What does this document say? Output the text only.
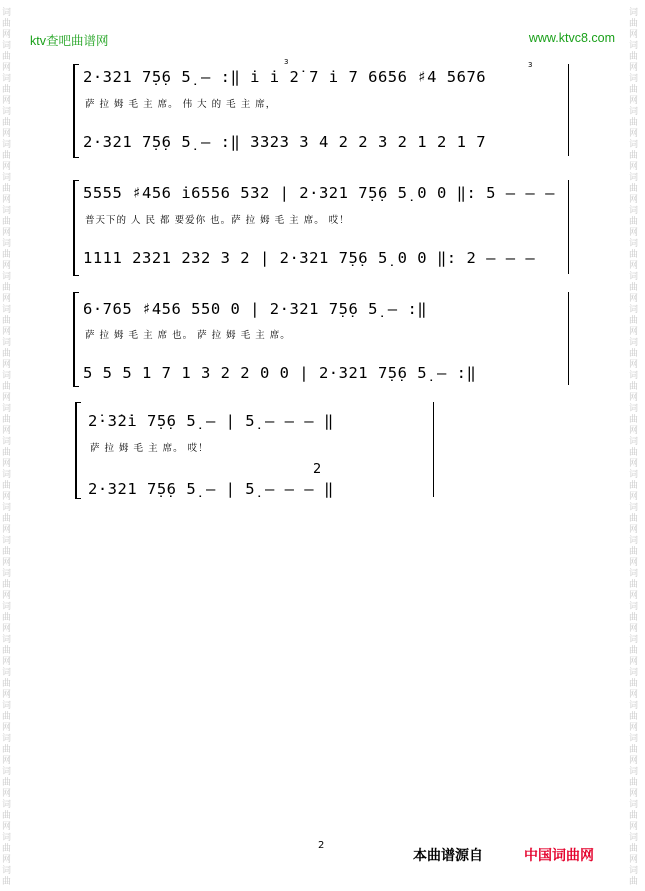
词
曲
网
词
曲
网
词
曲
网
词
曲
网
词
曲
网
词
曲
网
词
曲
网
词
曲
网
词
曲
网
词
曲
网
词
曲
网
词
曲
网
词
曲
网
词
曲
网
词
曲
网
词
曲
网
词
曲
网
词
曲
网
词
曲
网
词
曲
网
词
曲
网
词
曲
网
词
曲
网
词
曲
网
词
曲
网
词
曲
网
词
曲
词
曲
网
词
曲
网
词
曲
网
词
曲
网
词
曲
网
词
曲
网
词
曲
网
词
曲
网
词
曲
网
词
曲
网
词
曲
网
词
曲
网
词
曲
网
词
曲
网
词
曲
网
词
曲
网
词
曲
网
词
曲
网
词
曲
网
词
曲
网
词
曲
网
词
曲
网
词
曲
网
词
曲
网
词
曲
网
词
曲
网
词
曲
ktv查吧曲谱网	www.ktvc8.com
2·321 7̣5̣6 5̣ – :‖ i̇ i̇ 2̇ 7 i̇ 7 6656 ♯4 5676
3	3
萨 拉 姆 毛 主 席。 伟 大 的 毛 主 席，
2·321 7̣5̣6 5̣ – :‖ 3323 3 4 2 2 3 2 1 2 1 7
5555 ♯456 i̇6556 532 | 2·321 7̣5̣6 5̣ 0 0 ‖: 5 – – –
普天下的 人 民 都 要爱你 也。萨 拉 姆 毛 主 席。 哎！
1111 2321 232 3 2 | 2·321 7̣5̣6 5̣ 0 0 ‖: 2 – – –
6·765 ♯456 550 0 | 2·321 7̣5̣6 5̣ – :‖
萨 拉 姆 毛 主 席 也。 萨 拉 姆 毛 主 席。
5 5 5 1 7 1 3 2 2 0 0 | 2·321 7̣5̣6 5̣ – :‖
2̇·3̇2̇i̇ 7̣5̣6 5̣ – | 5̣ – – – ‖
萨 拉 姆 毛 主 席。 哎！
2
2·321 7̣5̣6 5̣ – | 5̣ – – – ‖
2
本曲谱源自	中国词曲网
